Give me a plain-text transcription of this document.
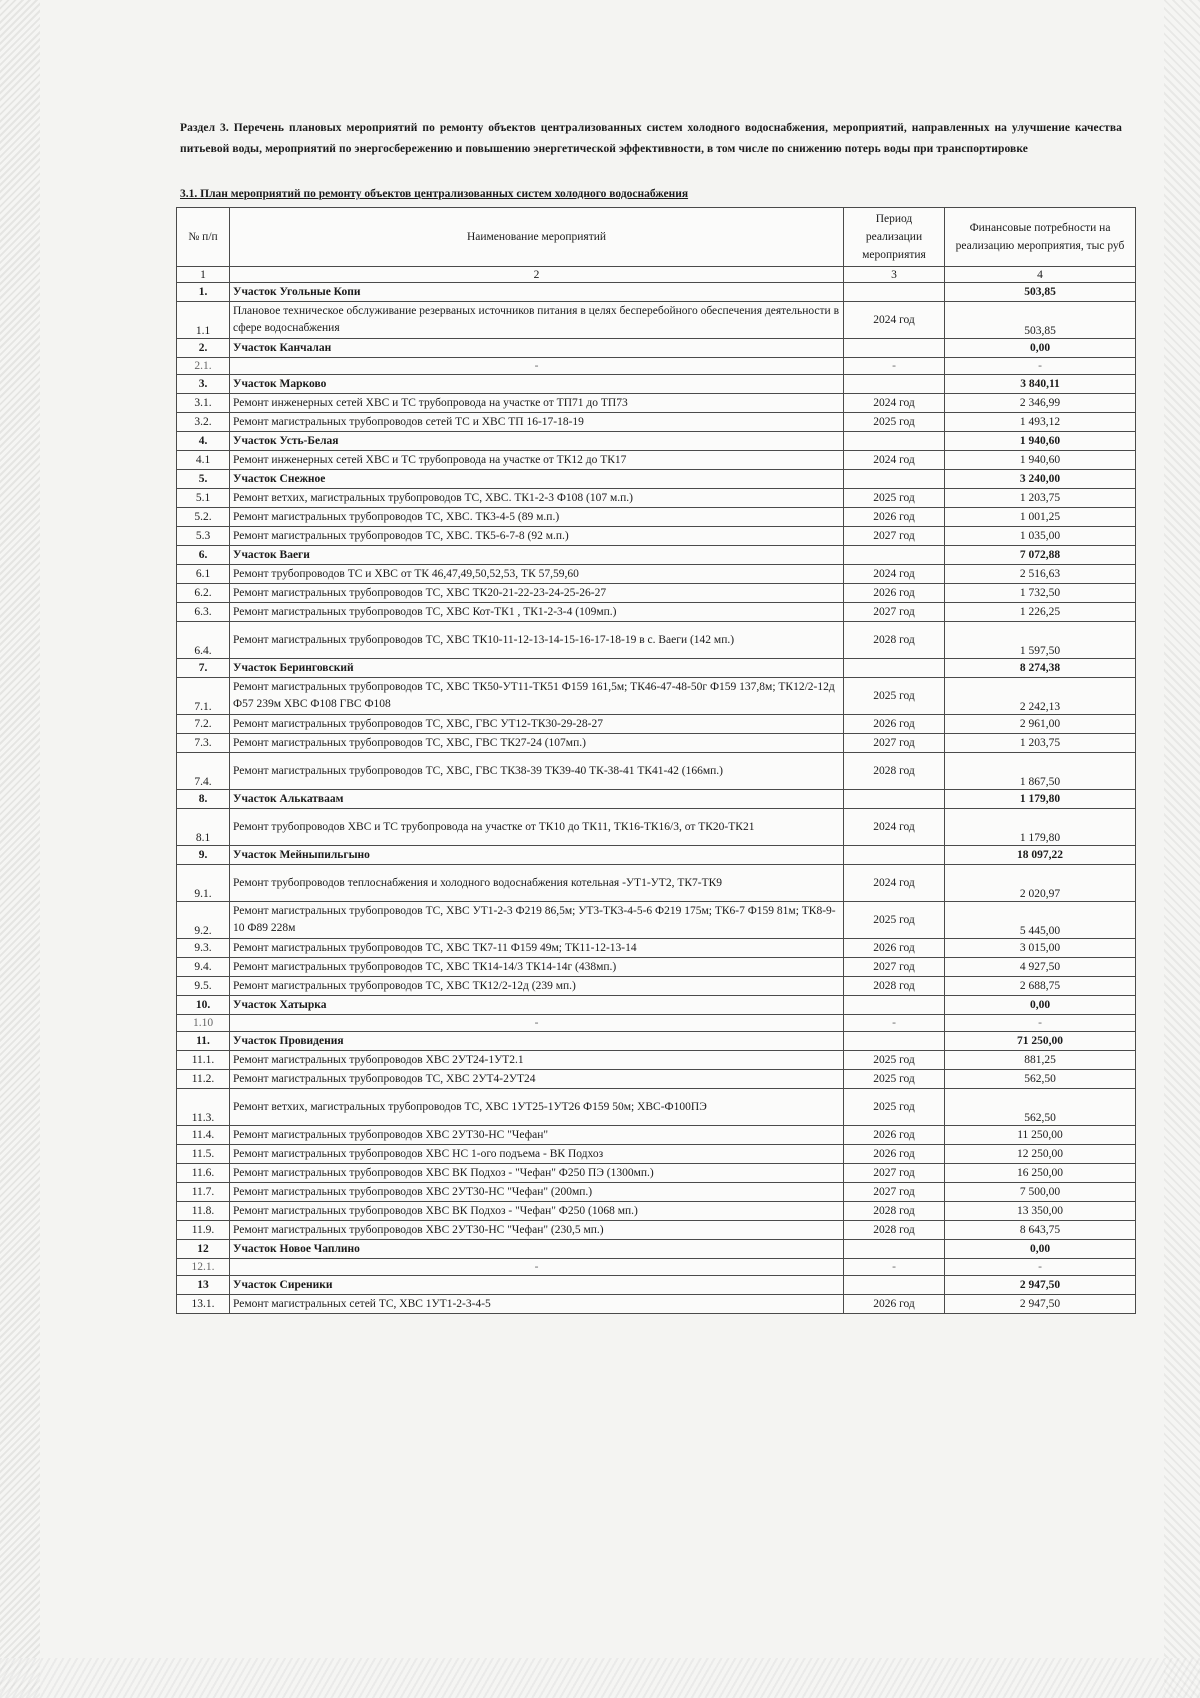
Раздел 3. Перечень плановых мероприятий по ремонту объектов централизованных систем холодного водоснабжения, мероприятий, направленных на улучшение качества питьевой воды, мероприятий по энергосбережению и повышению энергетической эффективности, в том числе по снижению потерь воды при транспортировке
3.1. План мероприятий по ремонту объектов централизованных систем холодного водоснабжения
№ п/п	Наименование мероприятий	Период реализации мероприятия	Финансовые потребности на реализацию мероприятия, тыс руб
1	2	3	4
1.	Участок Угольные Копи		503,85
1.1	Плановое техническое обслуживание резерваных источников питания в целях бесперебойного обеспечения деятельности в сфере водоснабжения	2024 год	503,85
2.	Участок Канчалан		0,00
2.1.	-	-	-
3.	Участок Марково		3 840,11
3.1.	Ремонт инженерных сетей ХВС и ТС трубопровода на участке от ТП71 до ТП73	2024 год	2 346,99
3.2.	Ремонт магистральных трубопроводов сетей ТС и ХВС ТП 16-17-18-19	2025 год	1 493,12
4.	Участок Усть-Белая		1 940,60
4.1	Ремонт инженерных сетей ХВС и ТС трубопровода на участке от ТК12 до ТК17	2024 год	1 940,60
5.	Участок Снежное		3 240,00
5.1	Ремонт ветхих, магистральных трубопроводов ТС, ХВС. ТК1-2-3 Ф108 (107 м.п.)	2025 год	1 203,75
5.2.	Ремонт магистральных трубопроводов ТС, ХВС. ТК3-4-5 (89 м.п.)	2026 год	1 001,25
5.3	Ремонт магистральных трубопроводов ТС, ХВС. ТК5-6-7-8 (92 м.п.)	2027 год	1 035,00
6.	Участок Ваеги		7 072,88
6.1	Ремонт трубопроводов ТС и ХВС от ТК 46,47,49,50,52,53, ТК 57,59,60	2024 год	2 516,63
6.2.	Ремонт магистральных трубопроводов ТС, ХВС ТК20-21-22-23-24-25-26-27	2026 год	1 732,50
6.3.	Ремонт магистральных трубопроводов ТС, ХВС Кот-ТК1 , ТК1-2-3-4 (109мп.)	2027 год	1 226,25
6.4.	Ремонт магистральных трубопроводов ТС, ХВС ТК10-11-12-13-14-15-16-17-18-19 в с. Ваеги (142 мп.)	2028 год	1 597,50
7.	Участок Беринговский		8 274,38
7.1.	Ремонт магистральных трубопроводов ТС, ХВС ТК50-УТ11-ТК51 Ф159 161,5м; ТК46-47-48-50г Ф159 137,8м; ТК12/2-12д Ф57 239м ХВС Ф108 ГВС Ф108	2025 год	2 242,13
7.2.	Ремонт магистральных трубопроводов ТС, ХВС, ГВС УТ12-ТК30-29-28-27	2026 год	2 961,00
7.3.	Ремонт магистральных трубопроводов ТС, ХВС, ГВС ТК27-24 (107мп.)	2027 год	1 203,75
7.4.	Ремонт магистральных трубопроводов ТС, ХВС, ГВС ТК38-39 ТК39-40 ТК-38-41 ТК41-42 (166мп.)	2028 год	1 867,50
8.	Участок Алькатваам		1 179,80
8.1	Ремонт трубопроводов ХВС и ТС трубопровода на участке от ТК10 до ТК11, ТК16-ТК16/3, от ТК20-ТК21	2024 год	1 179,80
9.	Участок Мейныпильгыно		18 097,22
9.1.	Ремонт трубопроводов теплоснабжения и холодного водоснабжения котельная -УТ1-УТ2, ТК7-ТК9	2024 год	2 020,97
9.2.	Ремонт магистральных трубопроводов ТС, ХВС УТ1-2-3 Ф219 86,5м; УТ3-ТК3-4-5-6 Ф219 175м; ТК6-7 Ф159 81м; ТК8-9-10 Ф89 228м	2025 год	5 445,00
9.3.	Ремонт магистральных трубопроводов ТС, ХВС ТК7-11 Ф159 49м; ТК11-12-13-14	2026 год	3 015,00
9.4.	Ремонт магистральных трубопроводов ТС, ХВС ТК14-14/3 ТК14-14г (438мп.)	2027 год	4 927,50
9.5.	Ремонт магистральных трубопроводов ТС, ХВС ТК12/2-12д (239 мп.)	2028 год	2 688,75
10.	Участок Хатырка		0,00
1.10	-	-	-
11.	Участок Провидения		71 250,00
11.1.	Ремонт магистральных трубопроводов ХВС 2УТ24-1УТ2.1	2025 год	881,25
11.2.	Ремонт магистральных трубопроводов ТС, ХВС 2УТ4-2УТ24	2025 год	562,50
11.3.	Ремонт ветхих, магистральных трубопроводов ТС, ХВС 1УТ25-1УТ26 Ф159 50м; ХВС-Ф100ПЭ	2025 год	562,50
11.4.	Ремонт магистральных трубопроводов ХВС 2УТ30-НС "Чефан"	2026 год	11 250,00
11.5.	Ремонт магистральных трубопроводов ХВС НС 1-ого подъема - ВК Подхоз	2026 год	12 250,00
11.6.	Ремонт магистральных трубопроводов ХВС ВК Подхоз - "Чефан" Ф250 ПЭ (1300мп.)	2027 год	16 250,00
11.7.	Ремонт магистральных трубопроводов ХВС 2УТ30-НС "Чефан" (200мп.)	2027 год	7 500,00
11.8.	Ремонт магистральных трубопроводов ХВС ВК Подхоз - "Чефан" Ф250 (1068 мп.)	2028 год	13 350,00
11.9.	Ремонт магистральных трубопроводов ХВС 2УТ30-НС "Чефан" (230,5 мп.)	2028 год	8 643,75
12	Участок Новое Чаплино		0,00
12.1.	-	-	-
13	Участок Сиреники		2 947,50
13.1.	Ремонт магистральных сетей ТС, ХВС 1УТ1-2-3-4-5	2026 год	2 947,50
